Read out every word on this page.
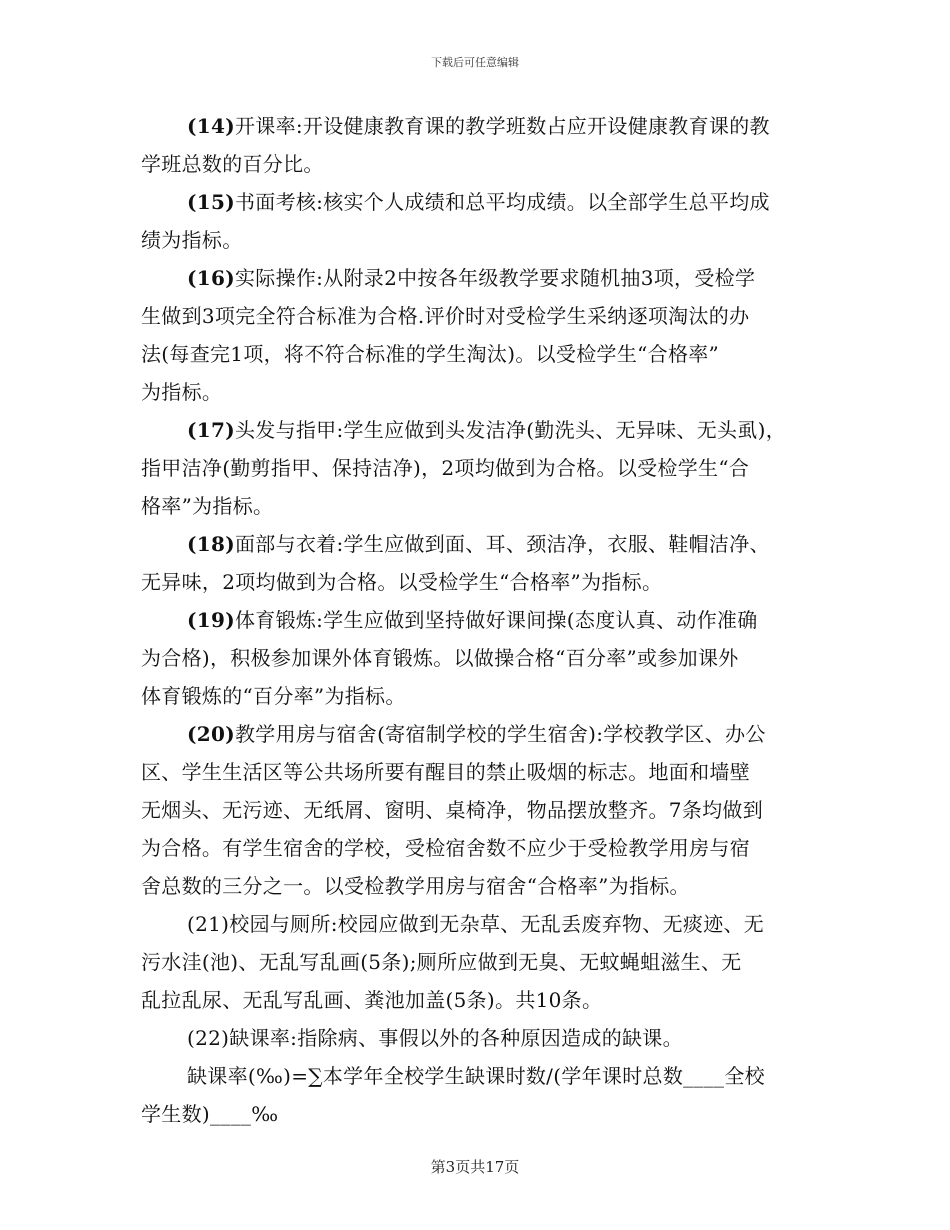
下载后可任意编辑
(14)开课率:开设健康教育课的教学班数占应开设健康教育课的教
学班总数的百分比。
(15)书面考核:核实个人成绩和总平均成绩。以全部学生总平均成
绩为指标。
(16)实际操作:从附录2中按各年级教学要求随机抽3项，受检学
生做到3项完全符合标准为合格.评价时对受检学生采纳逐项淘汰的办
法(每查完1项，将不符合标准的学生淘汰)。以受检学生“合格率”
为指标。
(17)头发与指甲:学生应做到头发洁净(勤洗头、无异味、无头虱)，
指甲洁净(勤剪指甲、保持洁净)，2项均做到为合格。以受检学生“合
格率”为指标。
(18)面部与衣着:学生应做到面、耳、颈洁净，衣服、鞋帽洁净、
无异味，2项均做到为合格。以受检学生“合格率”为指标。
(19)体育锻炼:学生应做到坚持做好课间操(态度认真、动作准确
为合格)，积极参加课外体育锻炼。以做操合格“百分率”或参加课外
体育锻炼的“百分率”为指标。
(20)教学用房与宿舍(寄宿制学校的学生宿舍):学校教学区、办公
区、学生生活区等公共场所要有醒目的禁止吸烟的标志。地面和墙壁
无烟头、无污迹、无纸屑、窗明、桌椅净，物品摆放整齐。7条均做到
为合格。有学生宿舍的学校，受检宿舍数不应少于受检教学用房与宿
舍总数的三分之一。以受检教学用房与宿舍“合格率”为指标。
(21)校园与厕所:校园应做到无杂草、无乱丢废弃物、无痰迹、无
污水洼(池)、无乱写乱画(5条);厕所应做到无臭、无蚊蝇蛆滋生、无
乱拉乱尿、无乱写乱画、粪池加盖(5条)。共10条。
(22)缺课率:指除病、事假以外的各种原因造成的缺课。
缺课率(‰)=∑本学年全校学生缺课时数/(学年课时总数____全校
学生数)____‰
第3页共17页
